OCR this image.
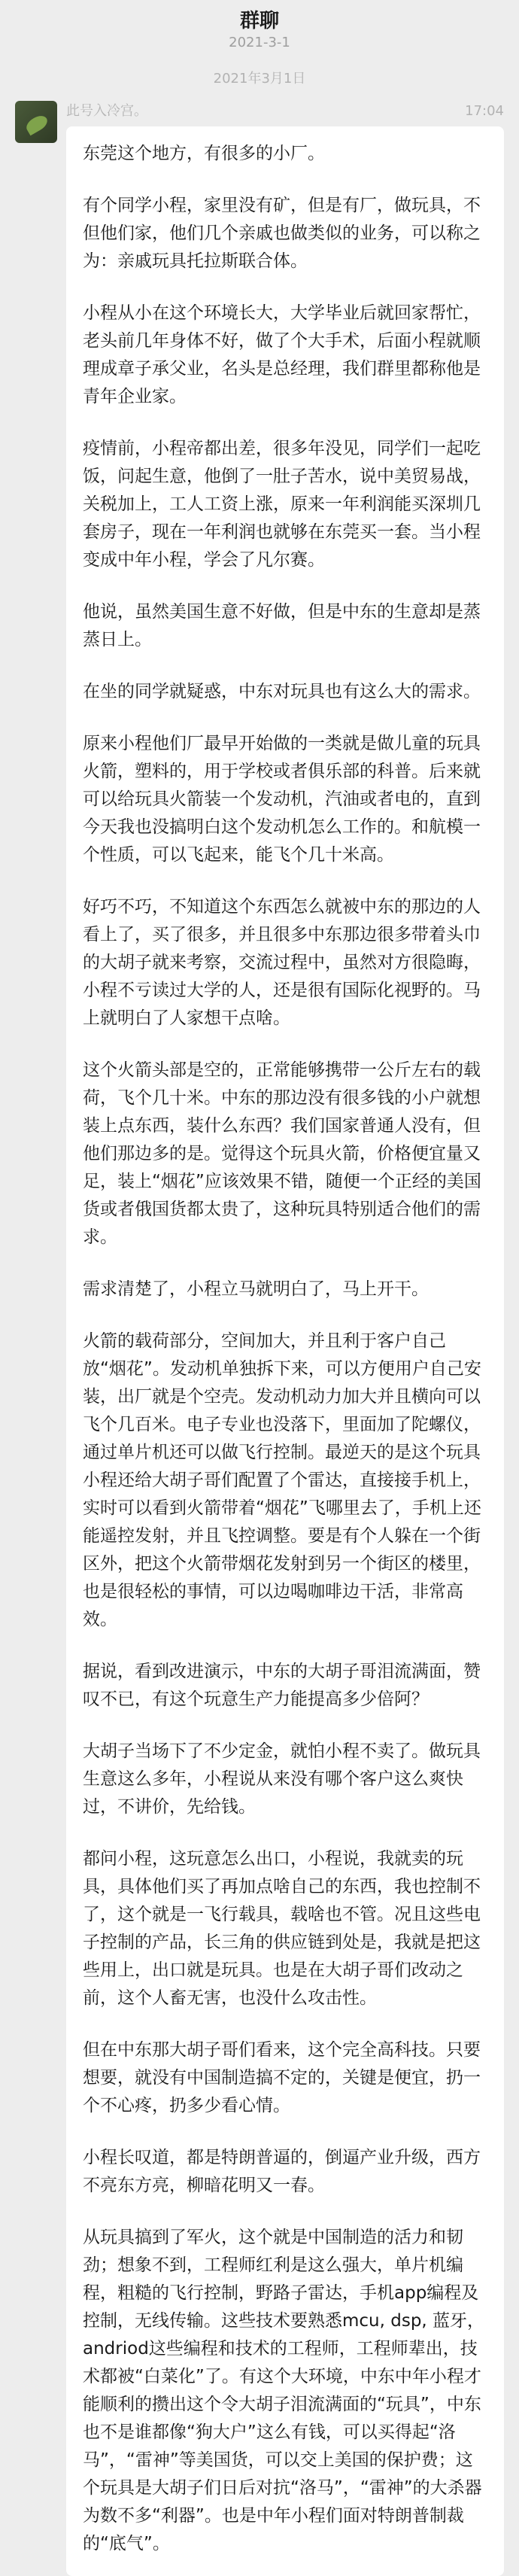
群聊
2021-3-1
2021年3月1日
此号入冷宫。	17:04

东莞这个地方，有很多的小厂。

有个同学小程，家里没有矿，但是有厂，做玩具，不但他们家，他们几个亲戚也做类似的业务，可以称之为：亲戚玩具托拉斯联合体。

小程从小在这个环境长大，大学毕业后就回家帮忙，老头前几年身体不好，做了个大手术，后面小程就顺理成章子承父业，名头是总经理，我们群里都称他是青年企业家。

疫情前，小程帝都出差，很多年没见，同学们一起吃饭，问起生意，他倒了一肚子苦水，说中美贸易战，关税加上，工人工资上涨，原来一年利润能买深圳几套房子，现在一年利润也就够在东莞买一套。当小程变成中年小程，学会了凡尔赛。

他说，虽然美国生意不好做，但是中东的生意却是蒸蒸日上。

在坐的同学就疑惑，中东对玩具也有这么大的需求。

原来小程他们厂最早开始做的一类就是做儿童的玩具火箭，塑料的，用于学校或者俱乐部的科普。后来就可以给玩具火箭装一个发动机，汽油或者电的，直到今天我也没搞明白这个发动机怎么工作的。和航模一个性质，可以飞起来，能飞个几十米高。

好巧不巧，不知道这个东西怎么就被中东的那边的人看上了，买了很多，并且很多中东那边很多带着头巾的大胡子就来考察，交流过程中，虽然对方很隐晦，小程不亏读过大学的人，还是很有国际化视野的。马上就明白了人家想干点啥。

这个火箭头部是空的，正常能够携带一公斤左右的载荷，飞个几十米。中东的那边没有很多钱的小户就想装上点东西，装什么东西？我们国家普通人没有，但他们那边多的是。觉得这个玩具火箭，价格便宜量又足，装上“烟花”应该效果不错，随便一个正经的美国货或者俄国货都太贵了，这种玩具特别适合他们的需求。

需求清楚了，小程立马就明白了，马上开干。

火箭的载荷部分，空间加大，并且利于客户自己放“烟花”。发动机单独拆下来，可以方便用户自己安装，出厂就是个空壳。发动机动力加大并且横向可以飞个几百米。电子专业也没落下，里面加了陀螺仪，通过单片机还可以做飞行控制。最逆天的是这个玩具小程还给大胡子哥们配置了个雷达，直接接手机上，实时可以看到火箭带着“烟花”飞哪里去了，手机上还能遥控发射，并且飞控调整。要是有个人躲在一个街区外，把这个火箭带烟花发射到另一个街区的楼里，也是很轻松的事情，可以边喝咖啡边干活，非常高效。

据说，看到改进演示，中东的大胡子哥泪流满面，赞叹不已，有这个玩意生产力能提高多少倍阿？

大胡子当场下了不少定金，就怕小程不卖了。做玩具生意这么多年，小程说从来没有哪个客户这么爽快过，不讲价，先给钱。

都问小程，这玩意怎么出口，小程说，我就卖的玩具，具体他们买了再加点啥自己的东西，我也控制不了，这个就是一飞行载具，载啥也不管。况且这些电子控制的产品，长三角的供应链到处是，我就是把这些用上，出口就是玩具。也是在大胡子哥们改动之前，这个人畜无害，也没什么攻击性。

但在中东那大胡子哥们看来，这个完全高科技。只要想要，就没有中国制造搞不定的，关键是便宜，扔一个不心疼，扔多少看心情。

小程长叹道，都是特朗普逼的，倒逼产业升级，西方不亮东方亮，柳暗花明又一春。

从玩具搞到了军火，这个就是中国制造的活力和韧劲；想象不到，工程师红利是这么强大，单片机编程，粗糙的飞行控制，野路子雷达，手机app编程及控制，无线传输。这些技术要熟悉mcu, dsp, 蓝牙，andriod这些编程和技术的工程师，工程师辈出，技术都被“白菜化”了。有这个大环境，中东中年小程才能顺利的攒出这个令大胡子泪流满面的“玩具”，中东也不是谁都像“狗大户”这么有钱，可以买得起“洛马”，“雷神”等美国货，可以交上美国的保护费；这个玩具是大胡子们日后对抗“洛马”，“雷神”的大杀器为数不多“利器”。也是中年小程们面对特朗普制裁的“底气”。
